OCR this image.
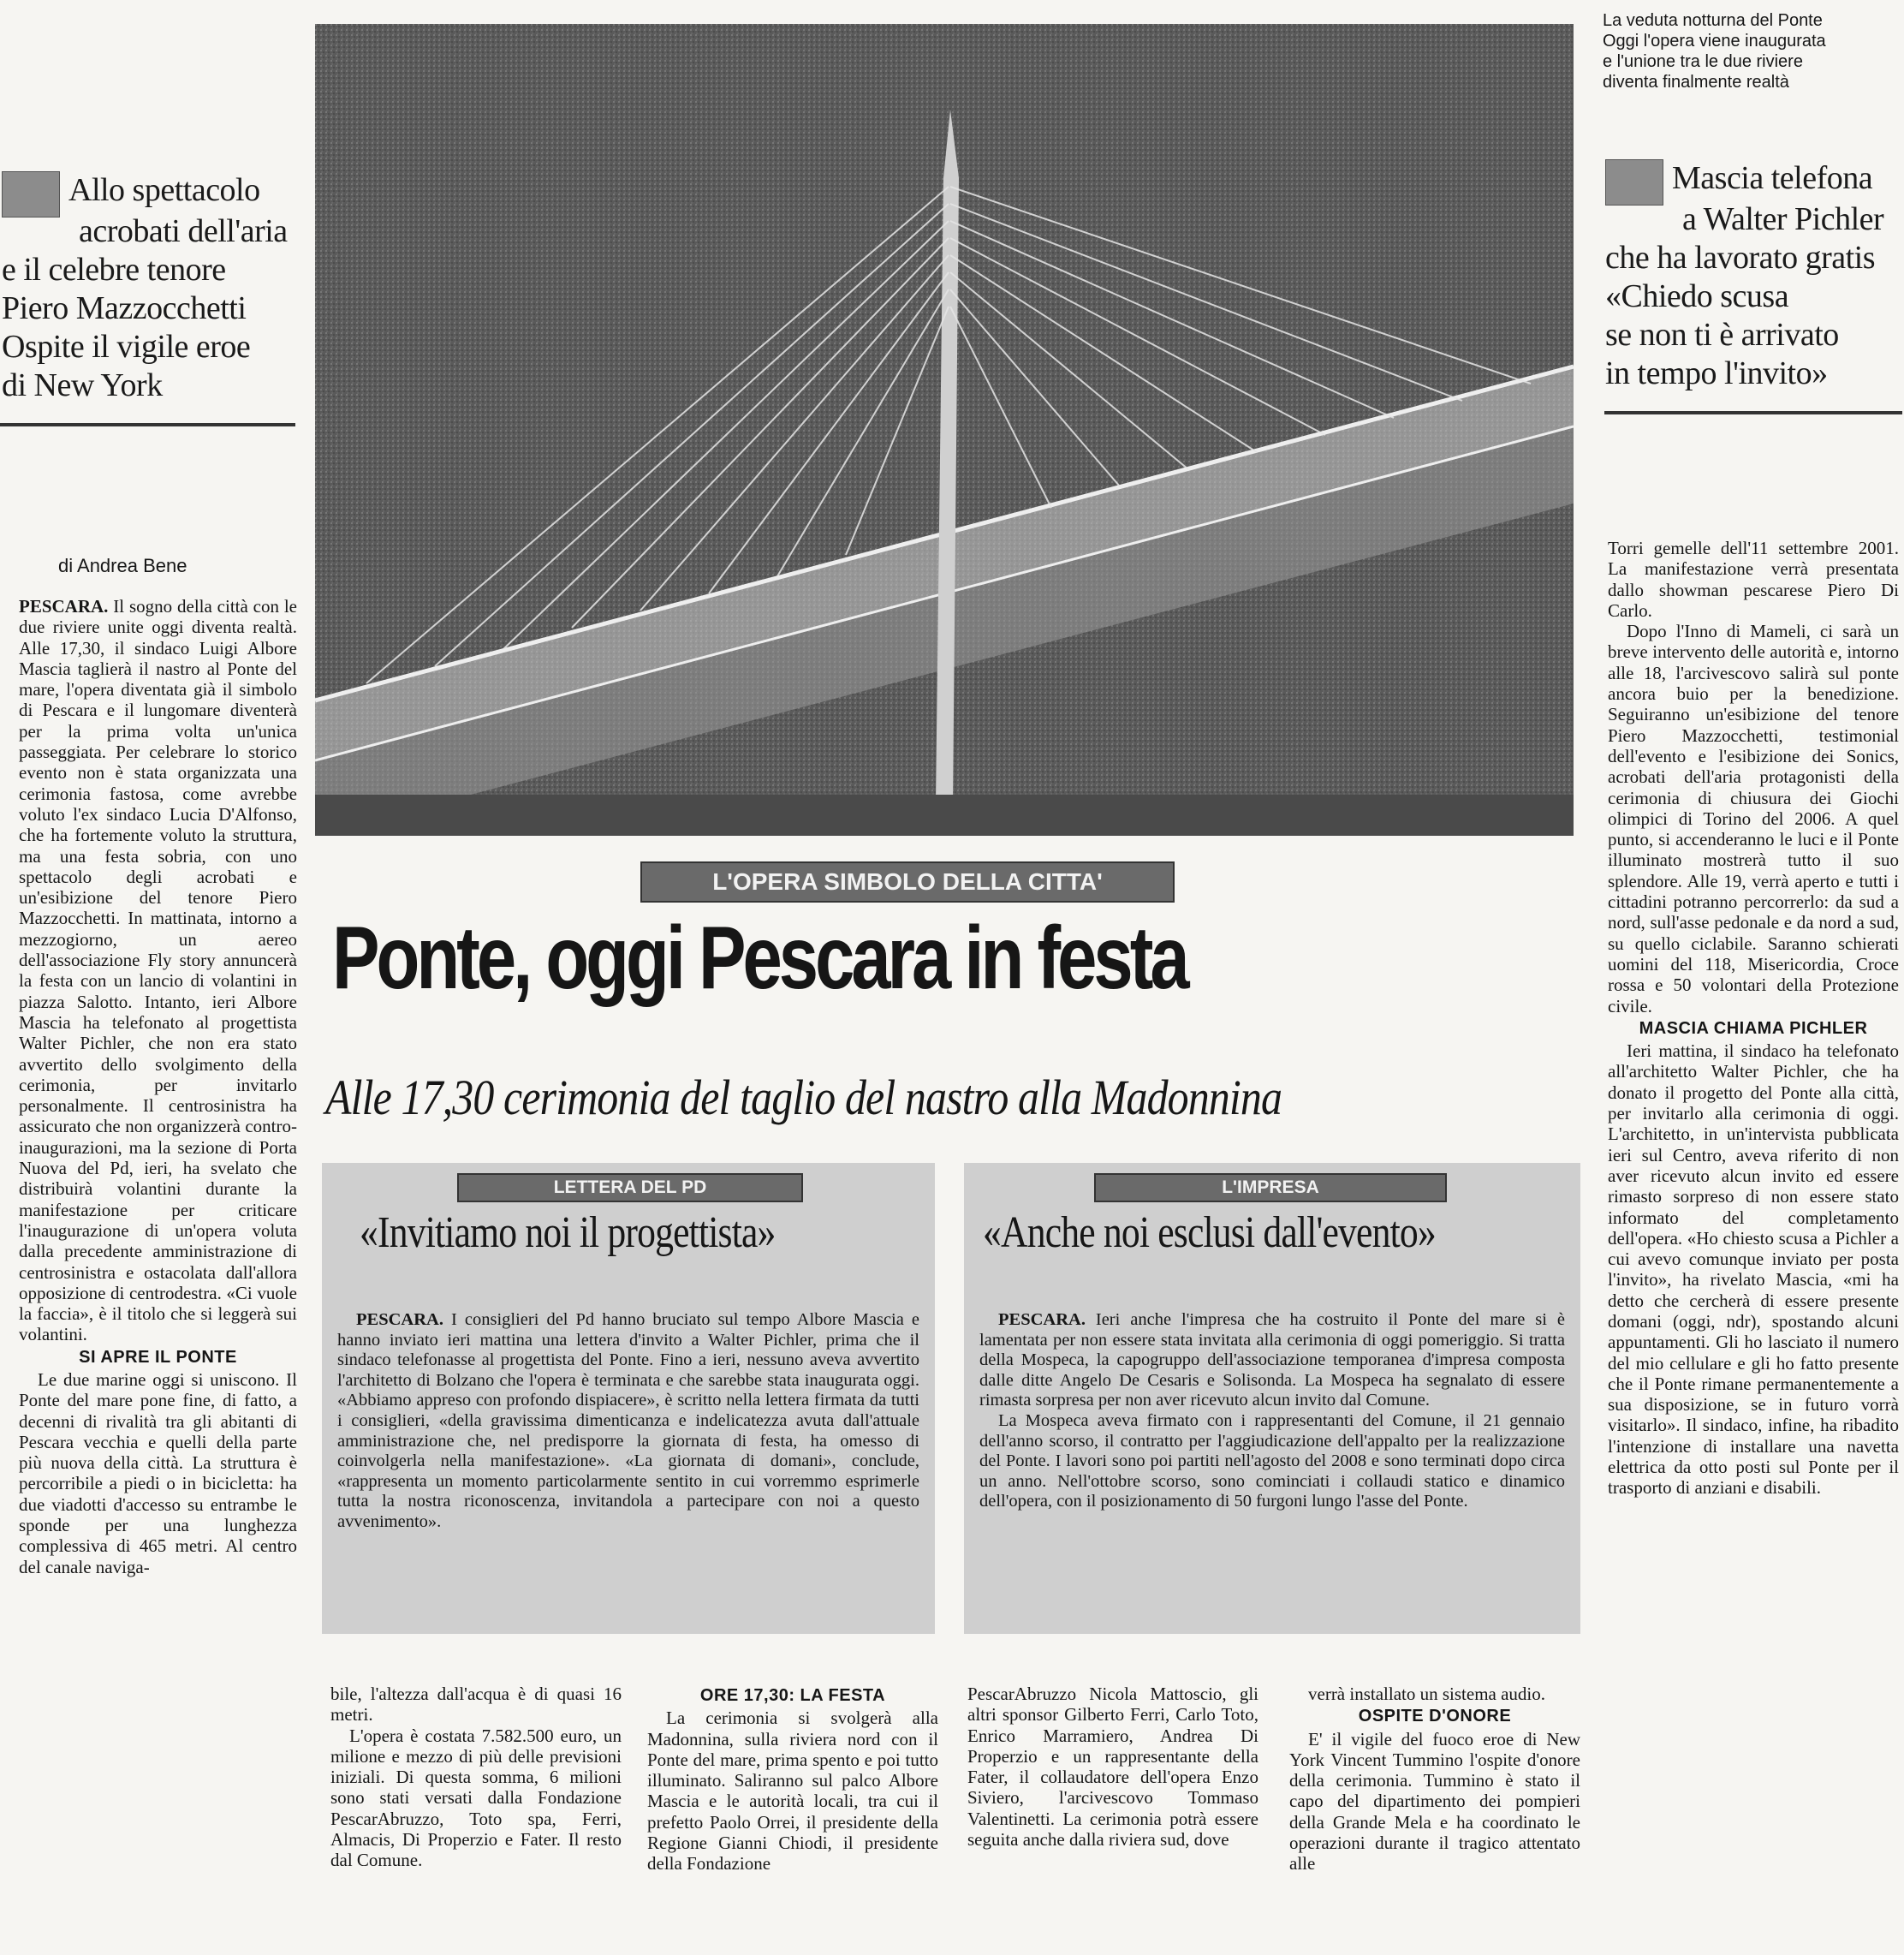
La veduta notturna del Ponte
Oggi l'opera viene inaugurata
e l'unione tra le due riviere
diventa finalmente realtà
Allo spettacolo
acrobati dell'aria
e il celebre tenore
Piero Mazzocchetti
Ospite il vigile eroe
di New York
Mascia telefona
a Walter Pichler
che ha lavorato gratis
«Chiedo scusa
se non ti è arrivato
in tempo l'invito»
di Andrea Bene

PESCARA. Il sogno della città con le due riviere unite oggi diventa realtà. Alle 17,30, il sindaco Luigi Albore Mascia taglierà il nastro al Ponte del mare, l'opera diventata già il simbolo di Pescara e il lungomare diventerà per la prima volta un'unica passeggiata. Per celebrare lo storico evento non è stata organizzata una cerimonia fastosa, come avrebbe voluto l'ex sindaco Lucia D'Alfonso, che ha fortemente voluto la struttura, ma una festa sobria, con uno spettacolo degli acrobati e un'esibizione del tenore Piero Mazzocchetti. In mattinata, intorno a mezzogiorno, un aereo dell'associazione Fly story annuncerà la festa con un lancio di volantini in piazza Salotto. Intanto, ieri Albore Mascia ha telefonato al progettista Walter Pichler, che non era stato avvertito dello svolgimento della cerimonia, per invitarlo personalmente. Il centrosinistra ha assicurato che non organizzerà contro-inaugurazioni, ma la sezione di Porta Nuova del Pd, ieri, ha svelato che distribuirà volantini durante la manifestazione per criticare l'inaugurazione di un'opera voluta dalla precedente amministrazione di centrosinistra e ostacolata dall'allora opposizione di centrodestra. «Ci vuole la faccia», è il titolo che si leggerà sui volantini.

SI APRE IL PONTE

Le due marine oggi si uniscono. Il Ponte del mare pone fine, di fatto, a decenni di rivalità tra gli abitanti di Pescara vecchia e quelli della parte più nuova della città. La struttura è percorribile a piedi o in bicicletta: ha due viadotti d'accesso su entrambe le sponde per una lunghezza complessiva di 465 metri. Al centro del canale naviga-

Torri gemelle dell'11 settembre 2001. La manifestazione verrà presentata dallo showman pescarese Piero Di Carlo.

Dopo l'Inno di Mameli, ci sarà un breve intervento delle autorità e, intorno alle 18, l'arcivescovo salirà sul ponte ancora buio per la benedizione. Seguiranno un'esibizione del tenore Piero Mazzocchetti, testimonial dell'evento e l'esibizione dei Sonics, acrobati dell'aria protagonisti della cerimonia di chiusura dei Giochi olimpici di Torino del 2006. A quel punto, si accenderanno le luci e il Ponte illuminato mostrerà tutto il suo splendore. Alle 19, verrà aperto e tutti i cittadini potranno percorrerlo: da sud a nord, sull'asse pedonale e da nord a sud, su quello ciclabile. Saranno schierati uomini del 118, Misericordia, Croce rossa e 50 volontari della Protezione civile.

MASCIA CHIAMA PICHLER

Ieri mattina, il sindaco ha telefonato all'architetto Walter Pichler, che ha donato il progetto del Ponte alla città, per invitarlo alla cerimonia di oggi. L'architetto, in un'intervista pubblicata ieri sul Centro, aveva riferito di non aver ricevuto alcun invito ed essere rimasto sorpreso di non essere stato informato del completamento dell'opera. «Ho chiesto scusa a Pichler a cui avevo comunque inviato per posta l'invito», ha rivelato Mascia, «mi ha detto che cercherà di essere presente domani (oggi, ndr), spostando alcuni appuntamenti. Gli ho lasciato il numero del mio cellulare e gli ho fatto presente che il Ponte rimane permanentemente a sua disposizione, se in futuro vorrà visitarlo». Il sindaco, infine, ha ribadito l'intenzione di installare una navetta elettrica da otto posti sul Ponte per il trasporto di anziani e disabili.

L'OPERA SIMBOLO DELLA CITTA'
Ponte, oggi Pescara in festa
Alle 17,30 cerimonia del taglio del nastro alla Madonnina
LETTERA DEL PD
«Invitiamo noi il progettista»

PESCARA. I consiglieri del Pd hanno bruciato sul tempo Albore Mascia e hanno inviato ieri mattina una lettera d'invito a Walter Pichler, prima che il sindaco telefonasse al progettista del Ponte. Fino a ieri, nessuno aveva avvertito l'architetto di Bolzano che l'opera è terminata e che sarebbe stata inaugurata oggi. «Abbiamo appreso con profondo dispiacere», è scritto nella lettera firmata da tutti i consiglieri, «della gravissima dimenticanza e indelicatezza avuta dall'attuale amministrazione che, nel predisporre la giornata di festa, ha omesso di coinvolgerla nella manifestazione». «La giornata di domani», conclude, «rappresenta un momento particolarmente sentito in cui vorremmo esprimerle tutta la nostra riconoscenza, invitandola a partecipare con noi a questo avvenimento».

L'IMPRESA
«Anche noi esclusi dall'evento»

PESCARA. Ieri anche l'impresa che ha costruito il Ponte del mare si è lamentata per non essere stata invitata alla cerimonia di oggi pomeriggio. Si tratta della Mospeca, la capogruppo dell'associazione temporanea d'impresa composta dalle ditte Angelo De Cesaris e Solisonda. La Mospeca ha segnalato di essere rimasta sorpresa per non aver ricevuto alcun invito dal Comune.

La Mospeca aveva firmato con i rappresentanti del Comune, il 21 gennaio dell'anno scorso, il contratto per l'aggiudicazione dell'appalto per la realizzazione del Ponte. I lavori sono poi partiti nell'agosto del 2008 e sono terminati dopo circa un anno. Nell'ottobre scorso, sono cominciati i collaudi statico e dinamico dell'opera, con il posizionamento di 50 furgoni lungo l'asse del Ponte.

bile, l'altezza dall'acqua è di quasi 16 metri.

L'opera è costata 7.582.500 euro, un milione e mezzo di più delle previsioni iniziali. Di questa somma, 6 milioni sono stati versati dalla Fondazione PescarAbruzzo, Toto spa, Ferri, Almacis, Di Properzio e Fater. Il resto dal Comune.

ORE 17,30: LA FESTA

La cerimonia si svolgerà alla Madonnina, sulla riviera nord con il Ponte del mare, prima spento e poi tutto illuminato. Saliranno sul palco Albore Mascia e le autorità locali, tra cui il prefetto Paolo Orrei, il presidente della Regione Gianni Chiodi, il presidente della Fondazione

PescarAbruzzo Nicola Mattoscio, gli altri sponsor Gilberto Ferri, Carlo Toto, Enrico Marramiero, Andrea Di Properzio e un rappresentante della Fater, il collaudatore dell'opera Enzo Siviero, l'arcivescovo Tommaso Valentinetti. La cerimonia potrà essere seguita anche dalla riviera sud, dove

verrà installato un sistema audio.

OSPITE D'ONORE

E' il vigile del fuoco eroe di New York Vincent Tummino l'ospite d'onore della cerimonia. Tummino è stato il capo del dipartimento dei pompieri della Grande Mela e ha coordinato le operazioni durante il tragico attentato alle
